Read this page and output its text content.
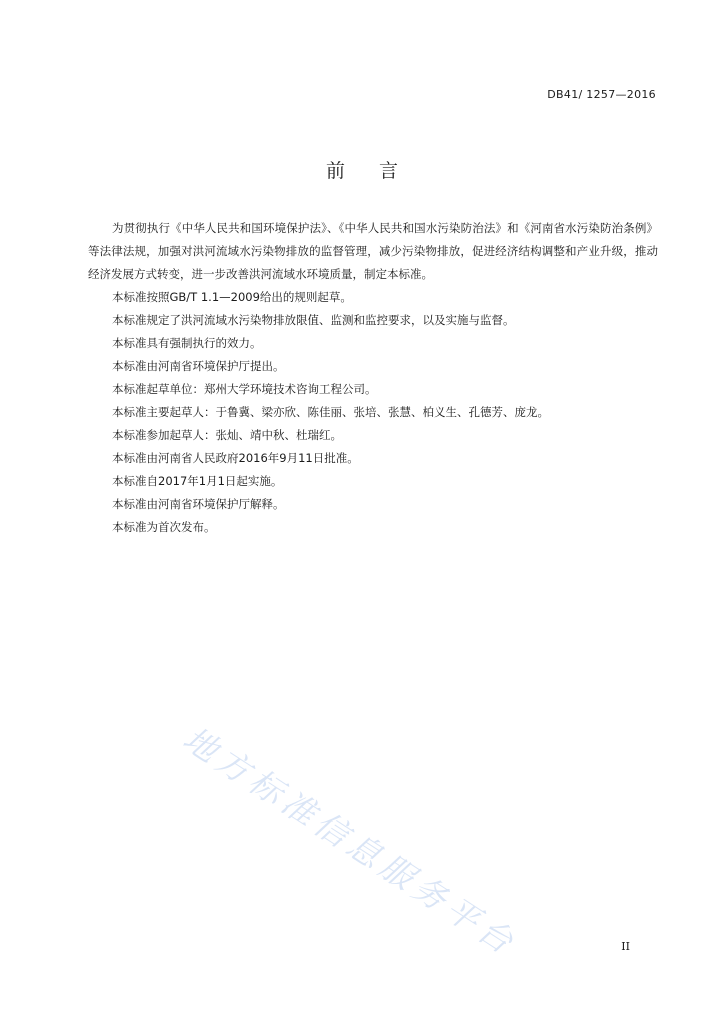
DB41/ 1257—2016
前言

为贯彻执行《中华人民共和国环境保护法》、《中华人民共和国水污染防治法》和《河南省水污染防治条例》等法律法规，加强对洪河流域水污染物排放的监督管理，减少污染物排放，促进经济结构调整和产业升级，推动经济发展方式转变，进一步改善洪河流域水环境质量，制定本标准。

本标准按照GB/T 1.1—2009给出的规则起草。

本标准规定了洪河流域水污染物排放限值、监测和监控要求，以及实施与监督。

本标准具有强制执行的效力。

本标准由河南省环境保护厅提出。

本标准起草单位：郑州大学环境技术咨询工程公司。

本标准主要起草人：于鲁冀、梁亦欣、陈佳丽、张培、张慧、柏义生、孔德芳、庞龙。

本标准参加起草人：张灿、靖中秋、杜瑞红。

本标准由河南省人民政府2016年9月11日批准。

本标准自2017年1月1日起实施。

本标准由河南省环境保护厅解释。

本标准为首次发布。

地方标准信息服务平台	II
